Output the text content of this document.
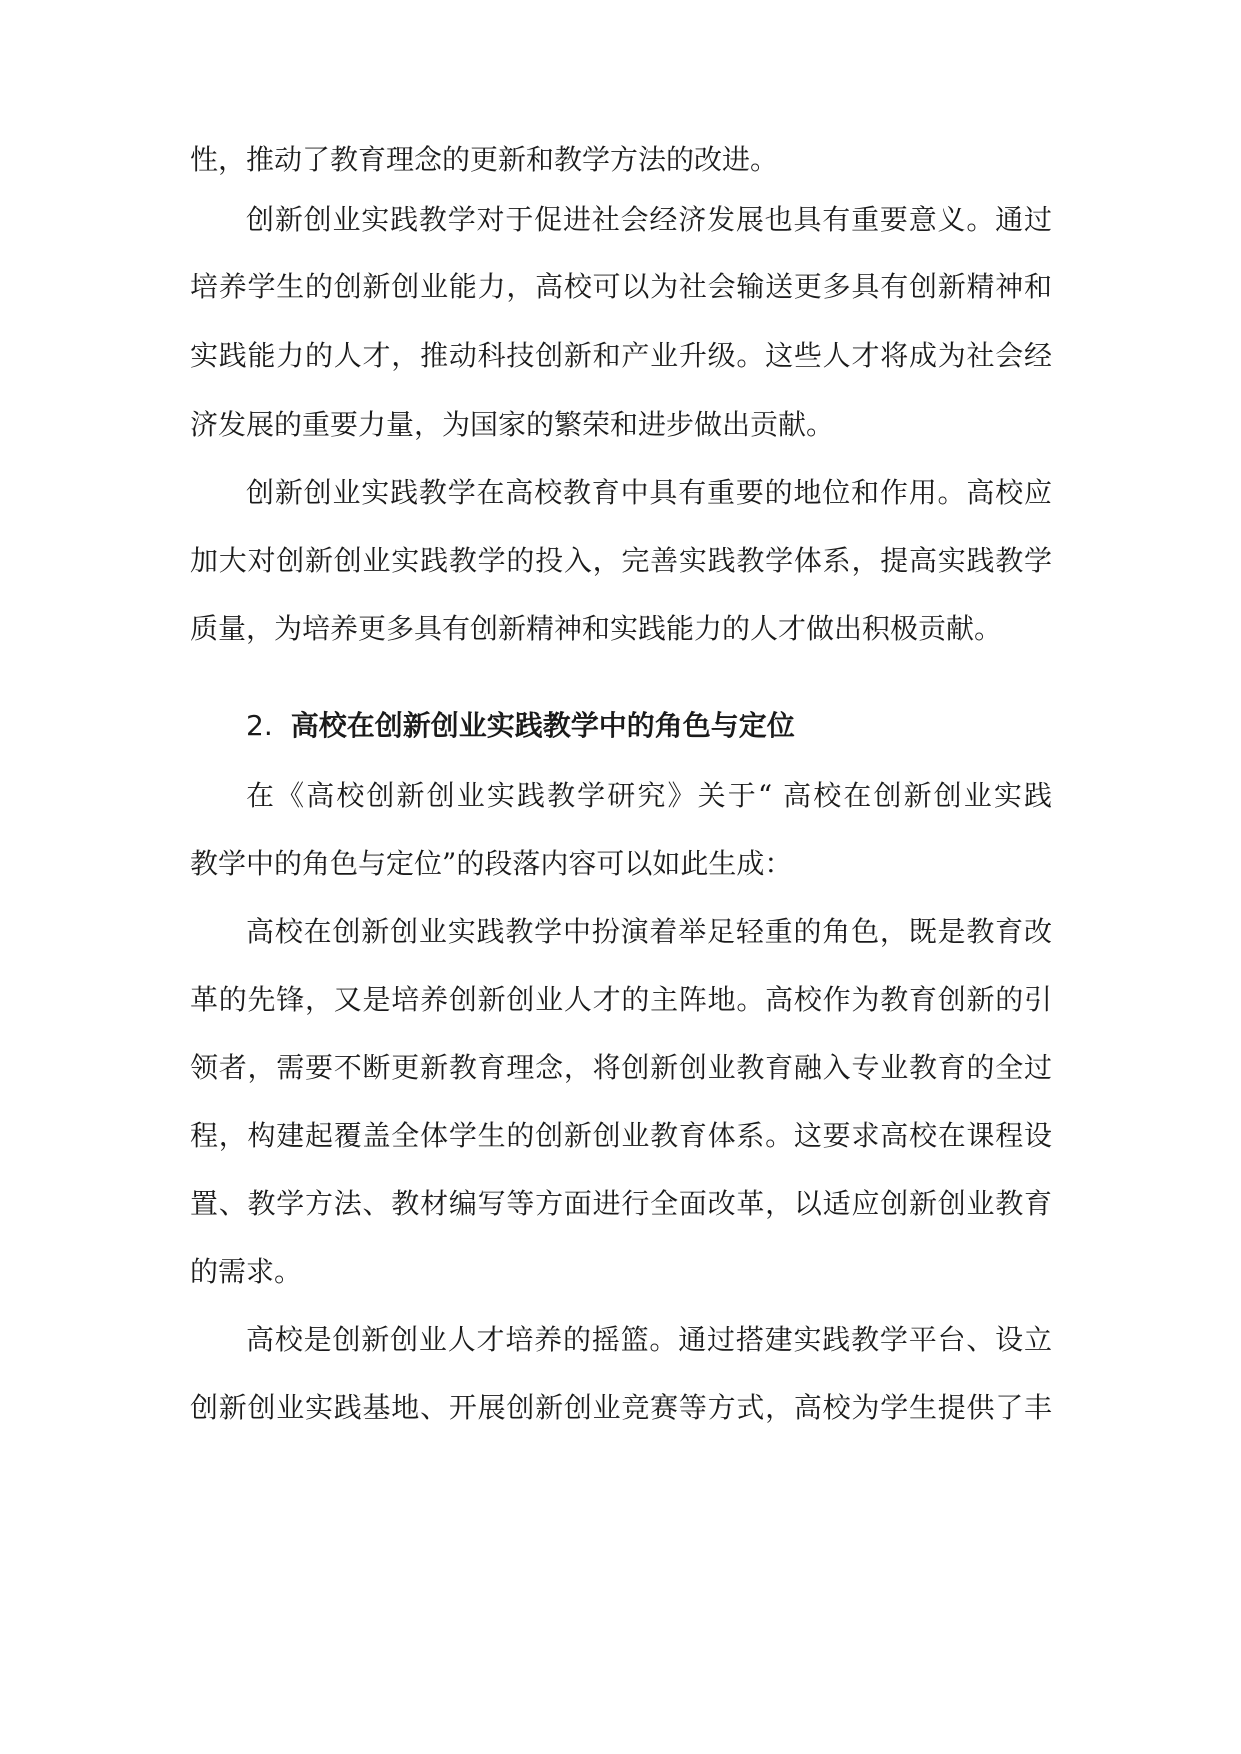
性，推动了教育理念的更新和教学方法的改进。
创新创业实践教学对于促进社会经济发展也具有重要意义。通过
培养学生的创新创业能力，高校可以为社会输送更多具有创新精神和
实践能力的人才，推动科技创新和产业升级。这些人才将成为社会经
济发展的重要力量，为国家的繁荣和进步做出贡献。
创新创业实践教学在高校教育中具有重要的地位和作用。高校应
加大对创新创业实践教学的投入，完善实践教学体系，提高实践教学
质量，为培养更多具有创新精神和实践能力的人才做出积极贡献。
2. 高校在创新创业实践教学中的角色与定位
在《高校创新创业实践教学研究》关于“ 高校在创新创业实践
教学中的角色与定位”的段落内容可以如此生成：
高校在创新创业实践教学中扮演着举足轻重的角色，既是教育改
革的先锋，又是培养创新创业人才的主阵地。高校作为教育创新的引
领者，需要不断更新教育理念，将创新创业教育融入专业教育的全过
程，构建起覆盖全体学生的创新创业教育体系。这要求高校在课程设
置、教学方法、教材编写等方面进行全面改革，以适应创新创业教育
的需求。
高校是创新创业人才培养的摇篮。通过搭建实践教学平台、设立
创新创业实践基地、开展创新创业竞赛等方式，高校为学生提供了丰
